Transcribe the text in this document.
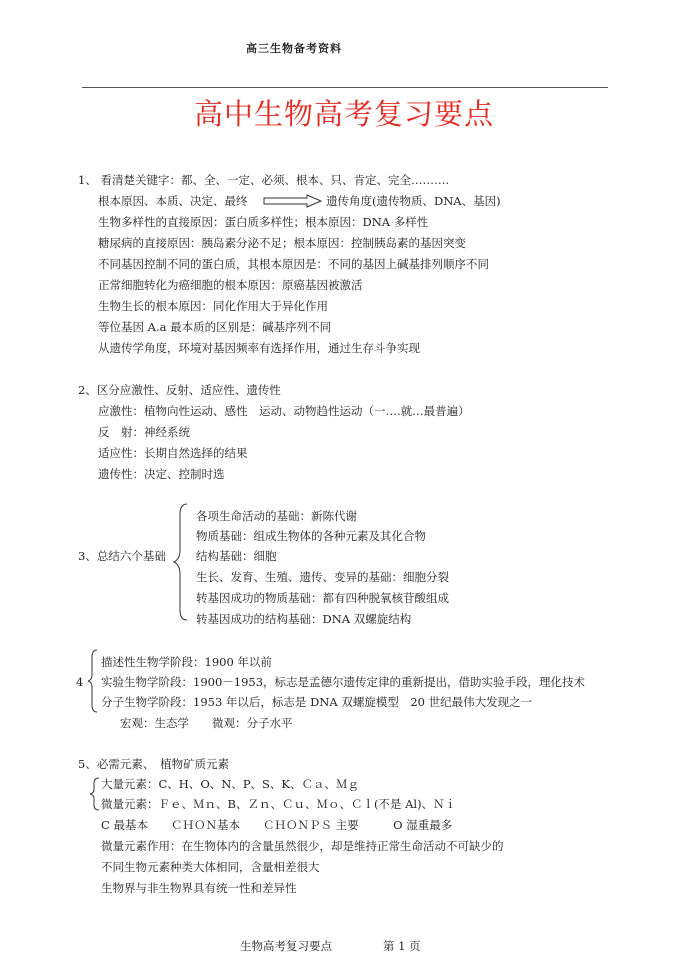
高三生物备考资料
高中生物高考复习要点
1、 看清楚关键字：都、全、一定、必须、根本、只、肯定、完全……….
根本原因、本质、决定、最终	遗传角度(遗传物质、DNA、基因)
生物多样性的直接原因：蛋白质多样性；根本原因：DNA 多样性
糖尿病的直接原因：胰岛素分泌不足；根本原因：控制胰岛素的基因突变
不同基因控制不同的蛋白质，其根本原因是：不同的基因上碱基排列顺序不同
正常细胞转化为癌细胞的根本原因：原癌基因被激活
生物生长的根本原因：同化作用大于异化作用
等位基因 A.a 最本质的区别是：碱基序列不同
从遗传学角度，环境对基因频率有选择作用，通过生存斗争实现
2、区分应激性、反射、适应性、遗传性
应激性：植物向性运动、感性　运动、动物趋性运动（一….就…最普遍）
反　射：神经系统
适应性：长期自然选择的结果
遗传性：决定、控制时选
3、总结六个基础
各项生命活动的基础：新陈代谢
物质基础：组成生物体的各种元素及其化合物
结构基础：细胞
生长、发育、生殖、遗传、变异的基础：细胞分裂
转基因成功的物质基础：都有四种脱氧核苷酸组成
转基因成功的结构基础：DNA 双螺旋结构
4
描述性生物学阶段：1900 年以前
实验生物学阶段：1900－1953，标志是孟德尔遗传定律的重新提出，借助实验手段，理化技术
分子生物学阶段：1953 年以后，标志是 DNA 双螺旋模型　20 世纪最伟大发现之一
宏观：生态学　　微观：分子水平
5、必需元素、　植物矿质元素
大量元素：C、H、O、N、P、S、K、Ｃａ、Ｍｇ
微量元素：Ｆｅ、Ｍｎ、B、Ｚｎ、Ｃｕ、Ｍｏ、Ｃｌ(不是 Al)、Ｎｉ
C 最基本　　ＣＨＯＮ基本　　ＣＨＯＮＰＳ 主要　　　O 湿重最多
微量元素作用：在生物体内的含量虽然很少，却是维持正常生命活动不可缺少的
不同生物元素种类大体相同，含量相差很大
生物界与非生物界具有统一性和差异性
生物高考复习要点	第 1 页
